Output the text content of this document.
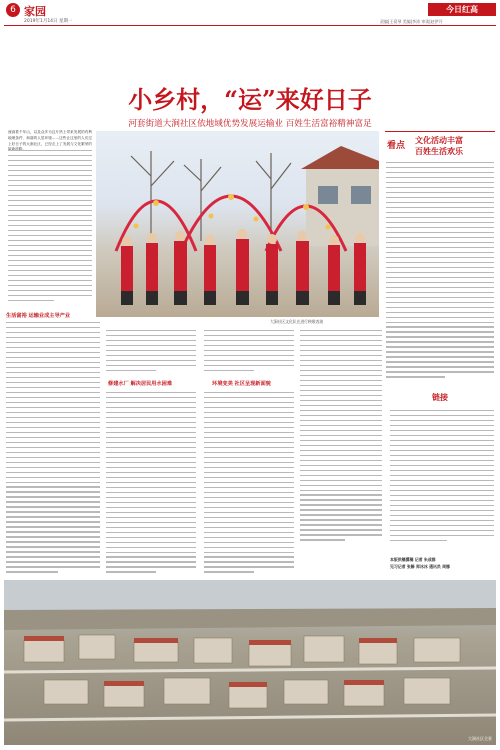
6 家园
2019年1月14日 星期一
今日红高
责编|王爱琴 美编|李涛 审读|赵伊开
小乡村，“运”来好日子
河套街道大涧社区依地域优势发展运输业 百姓生活富裕精神富足
流淌着千年山，以及众多为这片热土带来发展的有利地理条件、和谐的人居环境……这些让这里的人们过上好日子的大涧社区，已经走上了发展与文化繁荣的
大涧社区文化队在进行秧歌表演
看点
文化活动丰富
百姓生活欢乐
链接
本版供稿撰稿 记者 朱成群
见习记者 张静 郑冰冰 通讯员 周娜
生活富裕 运输业成主导产业
修建水厂 解决居民用水困难	环境变美 社区呈现新面貌
大涧社区全景
